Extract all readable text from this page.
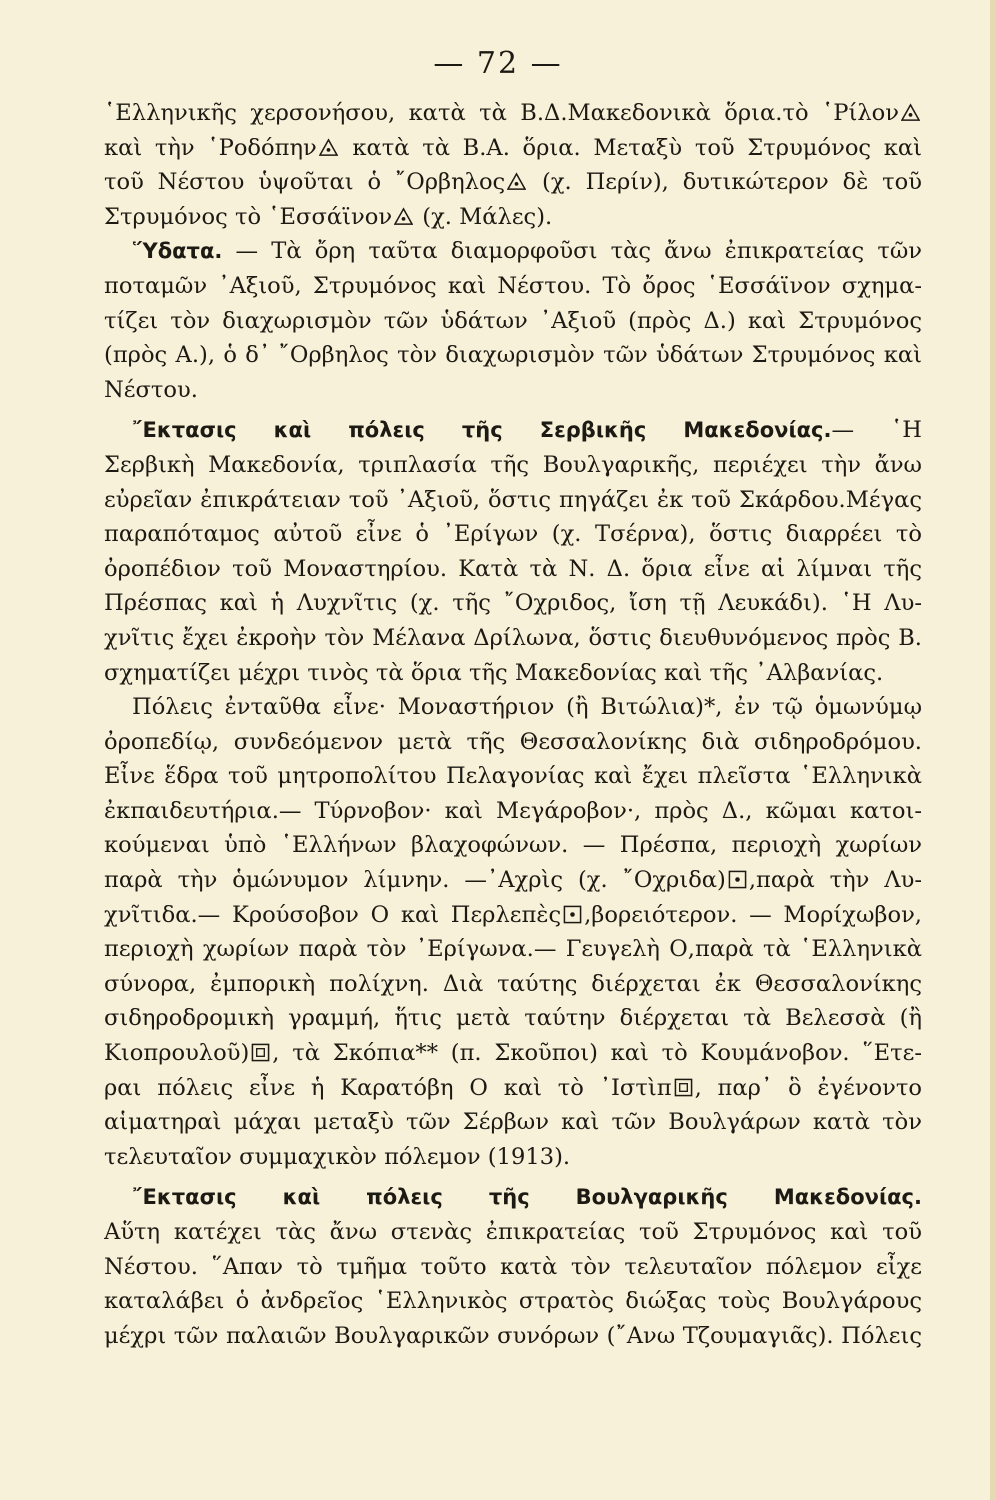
— 72 —
῾Ελληνικῆς χερσονήσου, κατὰ τὰ Β.Δ.Μακεδονικὰ ὅρια.τὸ ῾Ρίλον
καὶ τὴν ῾Ροδόπην κατὰ τὰ Β.Α. ὅρια. Μεταξὺ τοῦ Στρυμόνος καὶ
τοῦ Νέστου ὑψοῦται ὁ ῎Ορβηλος (χ. Περίν), δυτικώτερον δὲ τοῦ
Στρυμόνος τὸ ῾Εσσάϊνον (χ. Μάλες).
῞Υδατα. — Τὰ ὄρη ταῦτα διαμορφοῦσι τὰς ἄνω ἐπικρατείας τῶν
ποταμῶν ᾿Αξιοῦ, Στρυμόνος καὶ Νέστου. Τὸ ὄρος ῾Εσσάϊνον σχημα-
τίζει τὸν διαχωρισμὸν τῶν ὑδάτων ᾿Αξιοῦ (πρὸς Δ.) καὶ Στρυμόνος
(πρὸς Α.), ὁ δ᾿ ῎Ορβηλος τὸν διαχωρισμὸν τῶν ὑδάτων Στρυμόνος καὶ
Νέστου.
῎Εκτασις καὶ πόλεις τῆς Σερβικῆς Μακεδονίας.— ῾Η
Σερβικὴ Μακεδονία, τριπλασία τῆς Βουλγαρικῆς, περιέχει τὴν ἄνω
εὐρεῖαν ἐπικράτειαν τοῦ ᾿Αξιοῦ, ὅστις πηγάζει ἐκ τοῦ Σκάρδου.Μέγας
παραπόταμος αὐτοῦ εἶνε ὁ ᾿Ερίγων (χ. Τσέρνα), ὅστις διαρρέει τὸ
ὀροπέδιον τοῦ Μοναστηρίου. Κατὰ τὰ Ν. Δ. ὅρια εἶνε αἱ λίμναι τῆς
Πρέσπας καὶ ἡ Λυχνῖτις (χ. τῆς ῎Οχριδος, ἴση τῇ Λευκάδι). ῾Η Λυ-
χνῖτις ἔχει ἐκροὴν τὸν Μέλανα Δρίλωνα, ὅστις διευθυνόμενος πρὸς Β.
σχηματίζει μέχρι τινὸς τὰ ὅρια τῆς Μακεδονίας καὶ τῆς ᾿Αλβανίας.
Πόλεις ἐνταῦθα εἶνε· Μοναστήριον (ἢ Βιτώλια)*, ἐν τῷ ὁμωνύμῳ
ὀροπεδίῳ, συνδεόμενον μετὰ τῆς Θεσσαλονίκης διὰ σιδηροδρόμου.
Εἶνε ἕδρα τοῦ μητροπολίτου Πελαγονίας καὶ ἔχει πλεῖστα ῾Ελληνικὰ
ἐκπαιδευτήρια.— Τύρνοβον· καὶ Μεγάροβον·, πρὸς Δ., κῶμαι κατοι-
κούμεναι ὑπὸ ῾Ελλήνων βλαχοφώνων. — Πρέσπα, περιοχὴ χωρίων
παρὰ τὴν ὁμώνυμον λίμνην. —᾿Αχρὶς (χ. ῎Οχριδα) ,παρὰ τὴν Λυ-
χνῖτιδα.— Κρούσοβον Ο καὶ Περλεπὲς ,βορειότερον. — Μορίχωβον,
περιοχὴ χωρίων παρὰ τὸν ᾿Ερίγωνα.— Γευγελὴ Ο,παρὰ τὰ ῾Ελληνικὰ
σύνορα, ἐμπορικὴ πολίχνη. Διὰ ταύτης διέρχεται ἐκ Θεσσαλονίκης
σιδηροδρομικὴ γραμμή, ἥτις μετὰ ταύτην διέρχεται τὰ Βελεσσὰ (ἢ
Κιοπρουλοῦ) , τὰ Σκόπια** (π. Σκοῦποι) καὶ τὸ Κουμάνοβον. ῞Ετε-
ραι πόλεις εἶνε ἡ Καρατόβη Ο καὶ τὸ ᾿Ιστὶπ , παρ᾿ ὃ ἐγένοντο
αἱματηραὶ μάχαι μεταξὺ τῶν Σέρβων καὶ τῶν Βουλγάρων κατὰ τὸν
τελευταῖον συμμαχικὸν πόλεμον (1913).
῎Εκτασις καὶ πόλεις τῆς Βουλγαρικῆς Μακεδονίας.
Αὕτη κατέχει τὰς ἄνω στενὰς ἐπικρατείας τοῦ Στρυμόνος καὶ τοῦ
Νέστου. ῞Απαν τὸ τμῆμα τοῦτο κατὰ τὸν τελευταῖον πόλεμον εἶχε
καταλάβει ὁ ἀνδρεῖος ῾Ελληνικὸς στρατὸς διώξας τοὺς Βουλγάρους
μέχρι τῶν παλαιῶν Βουλγαρικῶν συνόρων (῎Ανω Τζουμαγιᾶς). Πόλεις
